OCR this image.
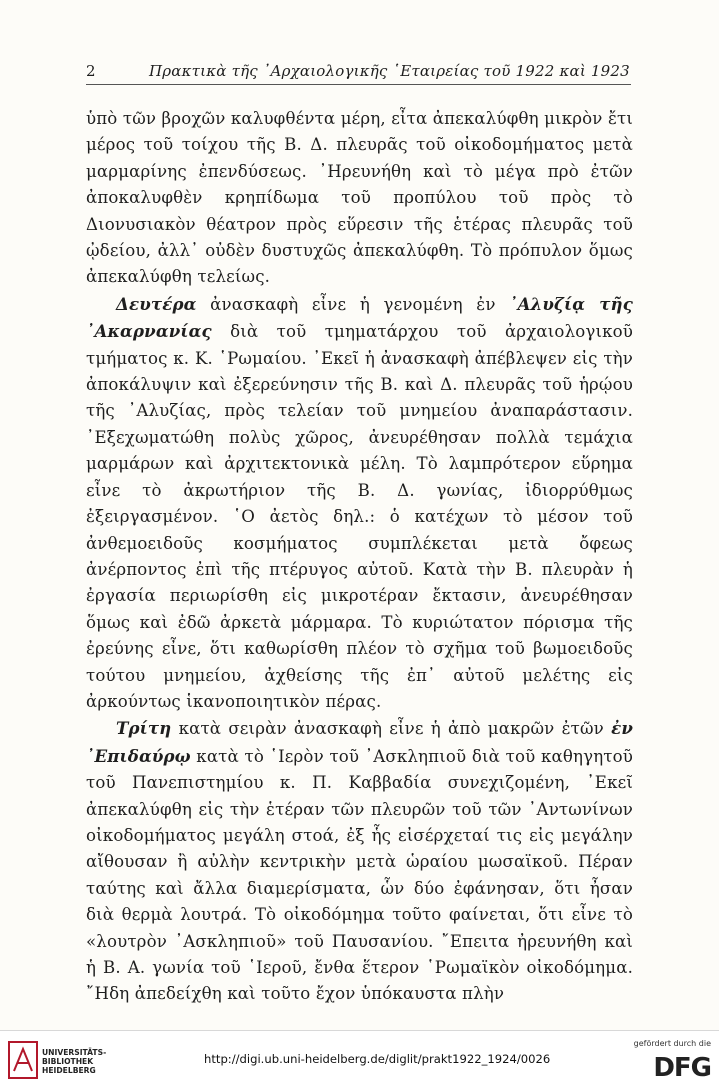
2	Πρακτικὰ τῆς ᾿Αρχαιολογικῆς ῾Εταιρείας τοῦ 1922 καὶ 1923

ὑπὸ τῶν βροχῶν καλυφθέντα μέρη, εἶτα ἀπεκαλύφθη μικρὸν ἔτι μέρος τοῦ τοίχου τῆς Β. Δ. πλευρᾶς τοῦ οἰκοδομήματος μετὰ μαρμαρίνης ἐπενδύσεως. ᾿Ηρευνήθη καὶ τὸ μέγα πρὸ ἐτῶν ἀποκαλυφθὲν κρηπίδωμα τοῦ προπύλου τοῦ πρὸς τὸ Διονυσιακὸν θέατρον πρὸς εὕρεσιν τῆς ἑτέρας πλευρᾶς τοῦ ᾠδείου, ἀλλ᾽ οὐδὲν δυστυχῶς ἀπεκαλύφθη. Τὸ πρόπυλον ὅμως ἀπεκαλύφθη τελείως.

Δευτέρα ἀνασκαφὴ εἶνε ἡ γενομένη ἐν ᾿Αλυζίᾳ τῆς ᾿Ακαρνανίας διὰ τοῦ τμηματάρχου τοῦ ἀρχαιολογικοῦ τμήματος κ. Κ. ῾Ρωμαίου. ᾿Εκεῖ ἡ ἀνασκαφὴ ἀπέβλεψεν εἰς τὴν ἀποκάλυψιν καὶ ἐξερεύνησιν τῆς Β. καὶ Δ. πλευρᾶς τοῦ ἡρῴου τῆς ᾿Αλυζίας, πρὸς τελείαν τοῦ μνημείου ἀναπαράστασιν. ᾿Εξεχωματώθη πολὺς χῶρος, ἀνευρέθησαν πολλὰ τεμάχια μαρμάρων καὶ ἀρχιτεκτονικὰ μέλη. Τὸ λαμπρότερον εὕρημα εἶνε τὸ ἀκρωτήριον τῆς Β. Δ. γωνίας, ἰδιορρύθμως ἐξειργασμένον. ῾Ο ἀετὸς δηλ.: ὁ κατέχων τὸ μέσον τοῦ ἀνθεμοειδοῦς κοσμήματος συμπλέκεται μετὰ ὄφεως ἀνέρποντος ἐπὶ τῆς πτέρυγος αὐτοῦ. Κατὰ τὴν Β. πλευρὰν ἡ ἐργασία περιωρίσθη εἰς μικροτέραν ἔκτασιν, ἀνευρέθησαν ὅμως καὶ ἐδῶ ἀρκετὰ μάρμαρα. Τὸ κυριώτατον πόρισμα τῆς ἐρεύνης εἶνε, ὅτι καθωρίσθη πλέον τὸ σχῆμα τοῦ βωμοειδοῦς τούτου μνημείου, ἀχθείσης τῆς ἐπ᾽ αὐτοῦ μελέτης εἰς ἀρκούντως ἱκανοποιητικὸν πέρας.

Τρίτη κατὰ σειρὰν ἀνασκαφὴ εἶνε ἡ ἀπὸ μακρῶν ἐτῶν ἐν ᾿Επιδαύρῳ κατὰ τὸ ῾Ιερὸν τοῦ ᾿Ασκληπιοῦ διὰ τοῦ καθηγητοῦ τοῦ Πανεπιστημίου κ. Π. Καββαδία συνεχιζομένη, ᾿Εκεῖ ἀπεκαλύφθη εἰς τὴν ἑτέραν τῶν πλευρῶν τοῦ τῶν ᾿Αντωνίνων οἰκοδομήματος μεγάλη στοά, ἐξ ἧς εἰσέρχεταί τις εἰς μεγάλην αἴθουσαν ἢ αὐλὴν κεντρικὴν μετὰ ὡραίου μωσαϊκοῦ. Πέραν ταύτης καὶ ἄλλα διαμερίσματα, ὧν δύο ἐφάνησαν, ὅτι ἦσαν διὰ θερμὰ λουτρά. Τὸ οἰκοδόμημα τοῦτο φαίνεται, ὅτι εἶνε τὸ «λουτρὸν ᾿Ασκληπιοῦ» τοῦ Παυσανίου. ῎Επειτα ἠρευνήθη καὶ ἡ Β. Α. γωνία τοῦ ῾Ιεροῦ, ἔνθα ἕτερον ῾Ρωμαϊκὸν οἰκοδόμημα. ῎Ηδη ἀπεδείχθη καὶ τοῦτο ἔχον ὑπόκαυστα πλὴν

UNIVERSITÄTS-
BIBLIOTHEK
HEIDELBERG
http://digi.ub.uni-heidelberg.de/diglit/prakt1922_1924/0026
gefördert durch die
DFG
